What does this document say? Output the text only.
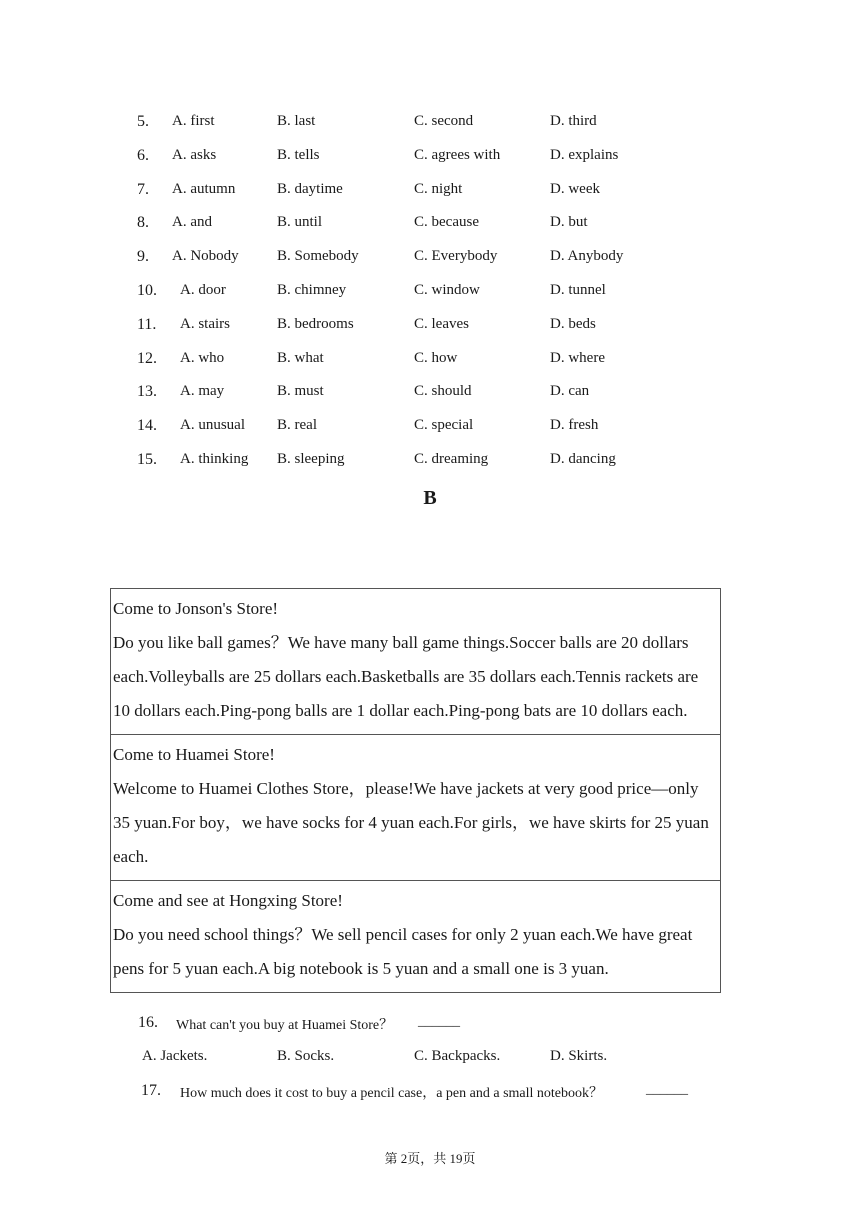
5. A. first	B. last	C. second	D. third
6. A. asks	B. tells	C. agrees with	D. explains
7. A. autumn	B. daytime	C. night	D. week
8. A. and	B. until	C. because	D. but
9. A. Nobody	B. Somebody	C. Everybody	D. Anybody
10. A. door	B. chimney	C. window	D. tunnel
11. A. stairs	B. bedrooms	C. leaves	D. beds
12. A. who	B. what	C. how	D. where
13. A. may	B. must	C. should	D. can
14. A. unusual B. real	C. special	D. fresh
15. A. thinking B. sleeping	C. dreaming	D. dancing
B
Come to Jonson's Store!
Do you like ball games？We have many ball game things.Soccer balls are 20 dollars each.Volleyballs are 25 dollars each.Basketballs are 35 dollars each.Tennis rackets are 10 dollars each.Ping-pong balls are 1 dollar each.Ping-pong bats are 10 dollars each.

Come to Huamei Store!
Welcome to Huamei Clothes Store，please!We have jackets at very good price—only 35 yuan.For boy，we have socks for 4 yuan each.For girls，we have skirts for 25 yuan each.

Come and see at Hongxing Store!
Do you need school things？We sell pencil cases for only 2 yuan each.We have great pens for 5 yuan each.A big notebook is 5 yuan and a small one is 3 yuan.
16. What can't you buy at Huamei Store？ ______
A. Jackets.	B. Socks.	C. Backpacks.	D. Skirts.
17. How much does it cost to buy a pencil case，a pen and a small notebook？	______
第 2页，共 19页
